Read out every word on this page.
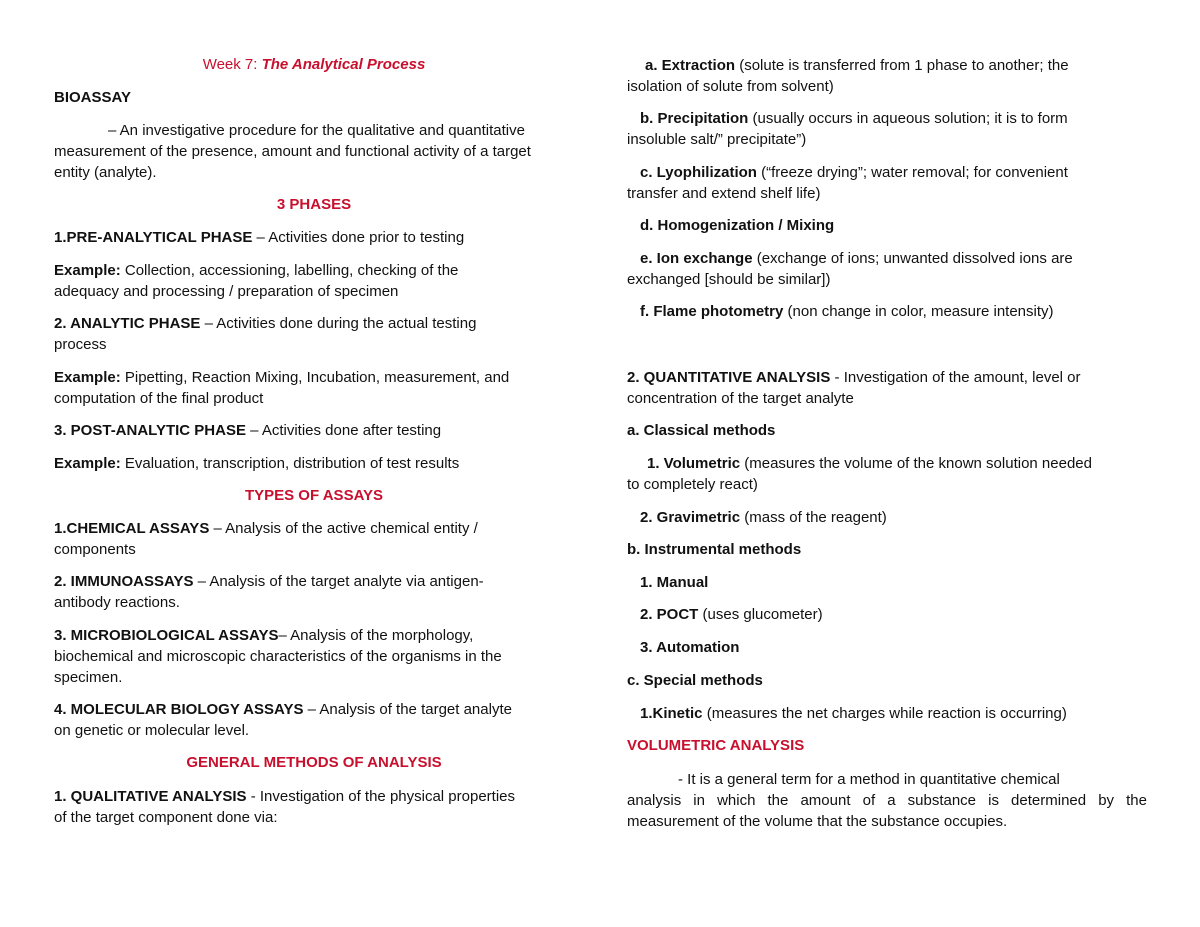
Week 7: The Analytical Process

BIOASSAY

– An investigative procedure for the qualitative and quantitative

measurement of the presence, amount and functional activity of a target

entity (analyte).

3 PHASES

1.PRE-ANALYTICAL PHASE – Activities done prior to testing

Example: Collection, accessioning, labelling, checking of the

adequacy and processing / preparation of specimen

2. ANALYTIC PHASE – Activities done during the actual testing

process

Example: Pipetting, Reaction Mixing, Incubation, measurement, and

computation of the final product

3. POST-ANALYTIC PHASE – Activities done after testing

Example: Evaluation, transcription, distribution of test results

TYPES OF ASSAYS

1.CHEMICAL ASSAYS – Analysis of the active chemical entity /

components

2. IMMUNOASSAYS – Analysis of the target analyte via antigen-

antibody reactions.

3. MICROBIOLOGICAL ASSAYS– Analysis of the morphology,

biochemical and microscopic characteristics of the organisms in the

specimen.

4. MOLECULAR BIOLOGY ASSAYS – Analysis of the target analyte

on genetic or molecular level.

GENERAL METHODS OF ANALYSIS

1. QUALITATIVE ANALYSIS - Investigation of the physical properties

of the target component done via:

a. Extraction (solute is transferred from 1 phase to another; the

isolation of solute from solvent)

b. Precipitation (usually occurs in aqueous solution; it is to form

insoluble salt/” precipitate”)

c. Lyophilization (“freeze drying”; water removal; for convenient

transfer and extend shelf life)

d. Homogenization / Mixing

e. Ion exchange (exchange of ions; unwanted dissolved ions are

exchanged [should be similar])

f. Flame photometry (non change in color, measure intensity)

2. QUANTITATIVE ANALYSIS - Investigation of the amount, level or

concentration of the target analyte

a. Classical methods

1. Volumetric (measures the volume of the known solution needed

to completely react)

2. Gravimetric (mass of the reagent)

b. Instrumental methods

1. Manual

2. POCT (uses glucometer)

3. Automation

c. Special methods

1.Kinetic (measures the net charges while reaction is occurring)

VOLUMETRIC ANALYSIS

- It is a general term for a method in quantitative chemical

analysis in which the amount of a substance is determined by the

measurement of the volume that the substance occupies.
